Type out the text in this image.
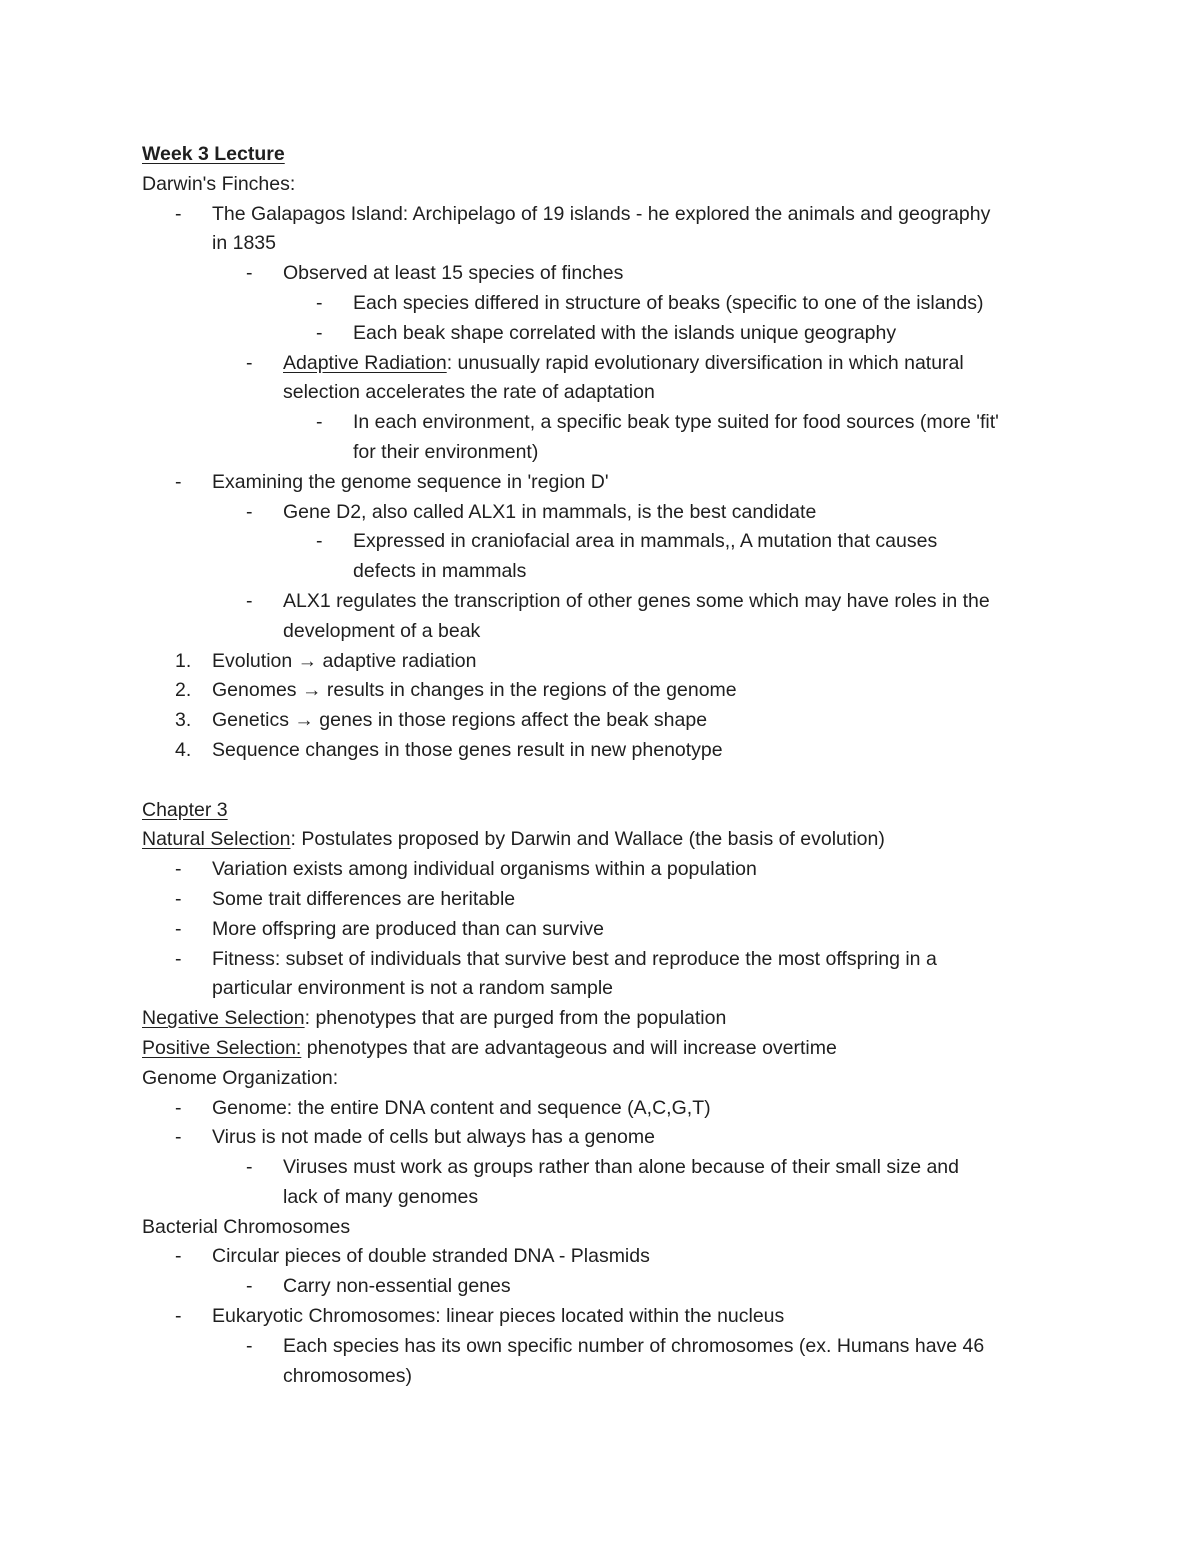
Week 3 Lecture
Darwin's Finches:
- The Galapagos Island: Archipelago of 19 islands - he explored the animals and geography
in 1835
- Observed at least 15 species of finches
- Each species differed in structure of beaks (specific to one of the islands)
- Each beak shape correlated with the islands unique geography
- Adaptive Radiation: unusually rapid evolutionary diversification in which natural
selection accelerates the rate of adaptation
- In each environment, a specific beak type suited for food sources (more 'fit'
for their environment)
- Examining the genome sequence in 'region D'
- Gene D2, also called ALX1 in mammals, is the best candidate
- Expressed in craniofacial area in mammals,, A mutation that causes
defects in mammals
- ALX1 regulates the transcription of other genes some which may have roles in the
development of a beak
1. Evolution → adaptive radiation
2. Genomes → results in changes in the regions of the genome
3. Genetics → genes in those regions affect the beak shape
4. Sequence changes in those genes result in new phenotype
Chapter 3
Natural Selection: Postulates proposed by Darwin and Wallace (the basis of evolution)
- Variation exists among individual organisms within a population
- Some trait differences are heritable
- More offspring are produced than can survive
- Fitness: subset of individuals that survive best and reproduce the most offspring in a
particular environment is not a random sample
Negative Selection: phenotypes that are purged from the population
Positive Selection: phenotypes that are advantageous and will increase overtime
Genome Organization:
- Genome: the entire DNA content and sequence (A,C,G,T)
- Virus is not made of cells but always has a genome
- Viruses must work as groups rather than alone because of their small size and
lack of many genomes
Bacterial Chromosomes
- Circular pieces of double stranded DNA - Plasmids
- Carry non-essential genes
- Eukaryotic Chromosomes: linear pieces located within the nucleus
- Each species has its own specific number of chromosomes (ex. Humans have 46
chromosomes)
